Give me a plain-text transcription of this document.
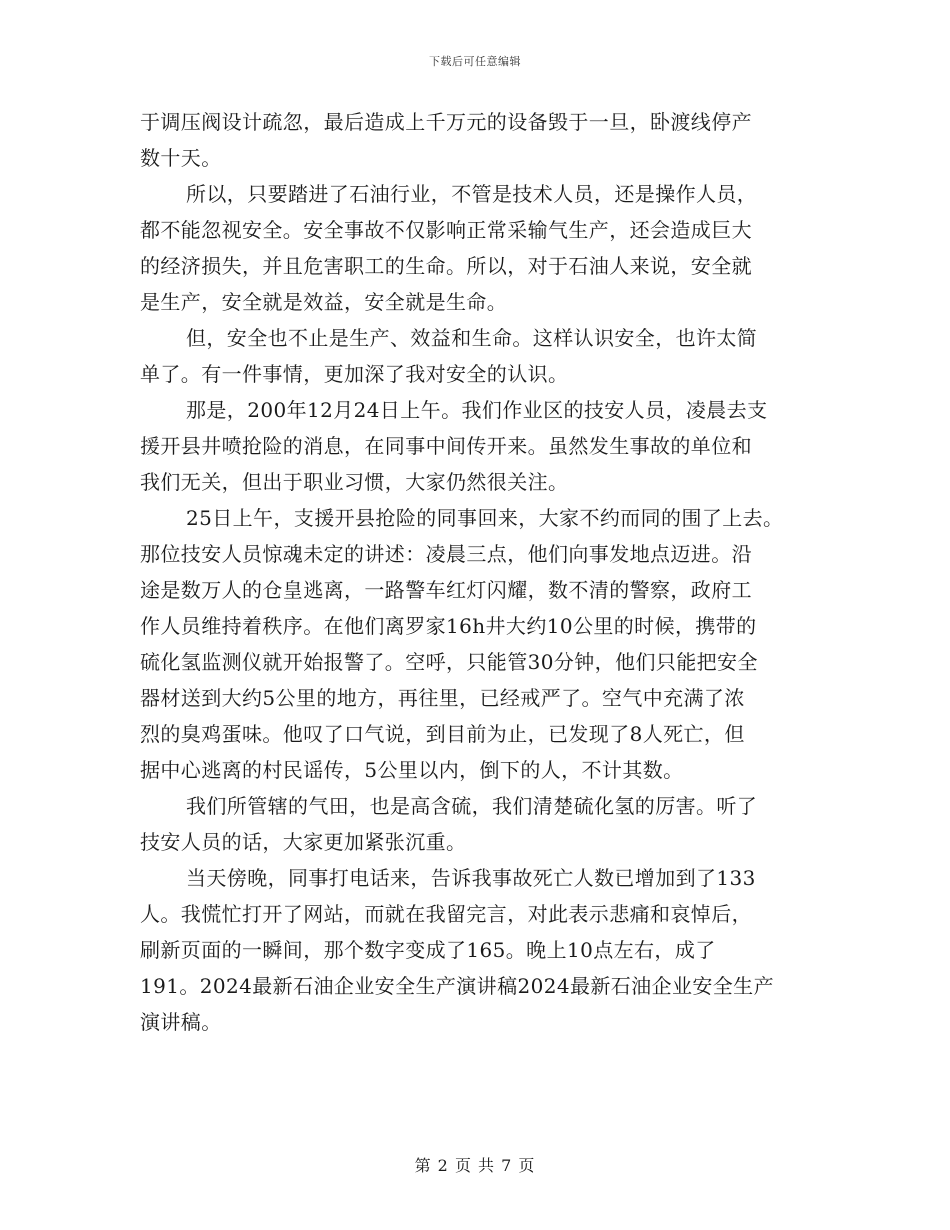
下载后可任意编辑
于调压阀设计疏忽，最后造成上千万元的设备毁于一旦，卧渡线停产
数十天。
所以，只要踏进了石油行业，不管是技术人员，还是操作人员，
都不能忽视安全。安全事故不仅影响正常采输气生产，还会造成巨大
的经济损失，并且危害职工的生命。所以，对于石油人来说，安全就
是生产，安全就是效益，安全就是生命。
但，安全也不止是生产、效益和生命。这样认识安全，也许太简
单了。有一件事情，更加深了我对安全的认识。
那是，200年12月24日上午。我们作业区的技安人员，凌晨去支
援开县井喷抢险的消息，在同事中间传开来。虽然发生事故的单位和
我们无关，但出于职业习惯，大家仍然很关注。
25日上午，支援开县抢险的同事回来，大家不约而同的围了上去。
那位技安人员惊魂未定的讲述：凌晨三点，他们向事发地点迈进。沿
途是数万人的仓皇逃离，一路警车红灯闪耀，数不清的警察，政府工
作人员维持着秩序。在他们离罗家16h井大约10公里的时候，携带的
硫化氢监测仪就开始报警了。空呼，只能管30分钟，他们只能把安全
器材送到大约5公里的地方，再往里，已经戒严了。空气中充满了浓
烈的臭鸡蛋味。他叹了口气说，到目前为止，已发现了8人死亡，但
据中心逃离的村民谣传，5公里以内，倒下的人，不计其数。
我们所管辖的气田，也是高含硫，我们清楚硫化氢的厉害。听了
技安人员的话，大家更加紧张沉重。
当天傍晚，同事打电话来，告诉我事故死亡人数已增加到了133
人。我慌忙打开了网站，而就在我留完言，对此表示悲痛和哀悼后，
刷新页面的一瞬间，那个数字变成了165。晚上10点左右，成了
191。2024最新石油企业安全生产演讲稿2024最新石油企业安全生产
演讲稿。
第 2 页 共 7 页
